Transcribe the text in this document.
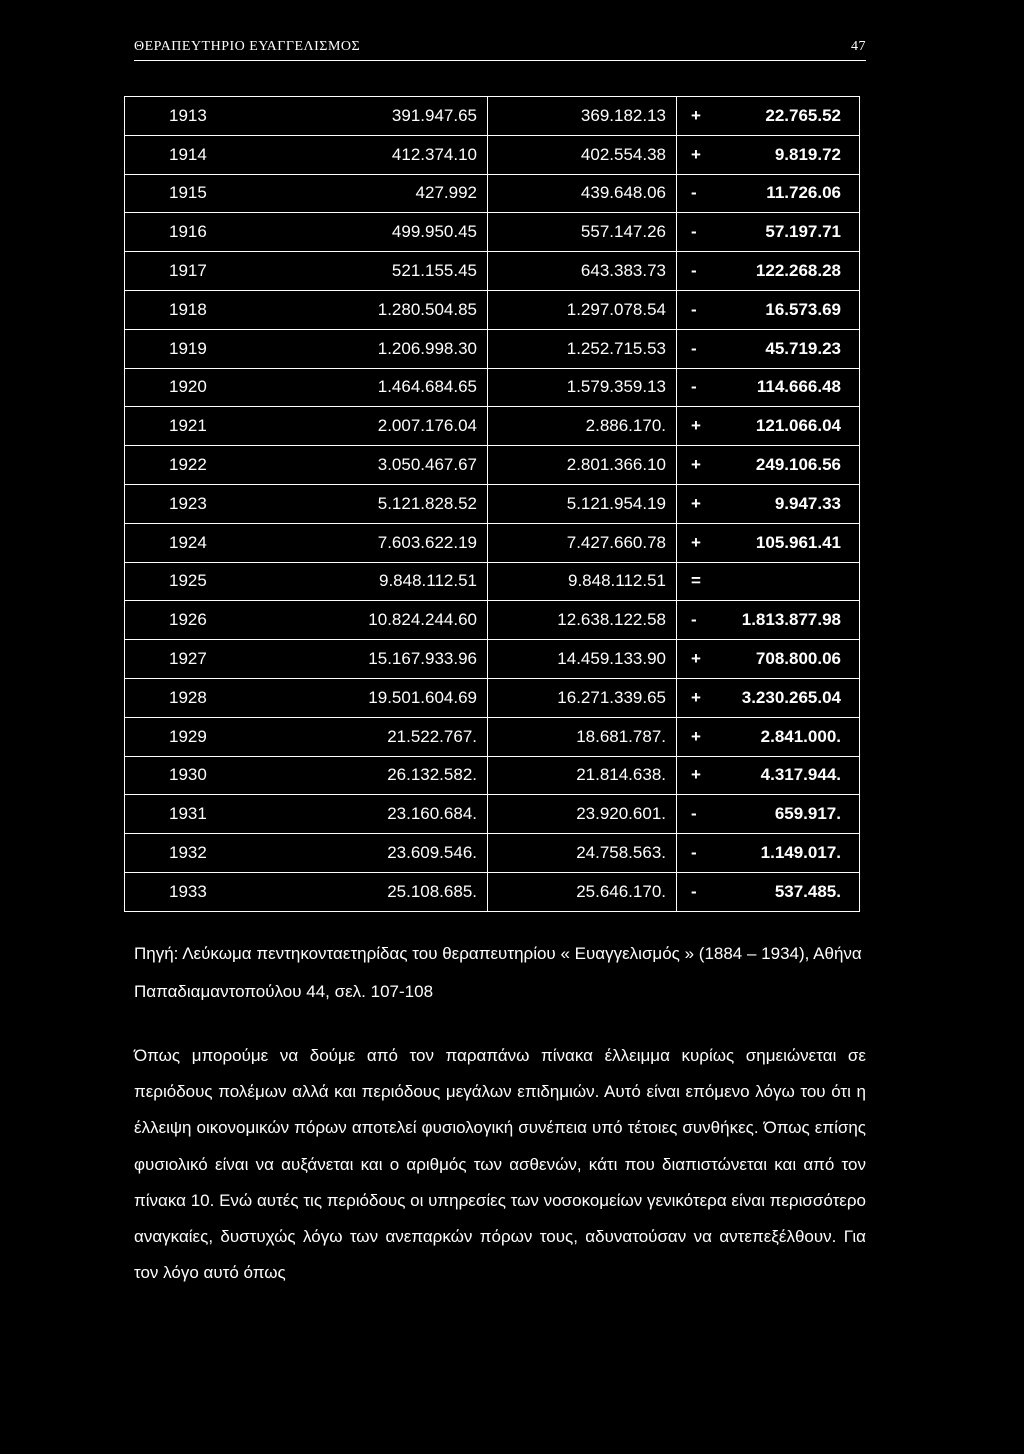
ΘΕΡΑΠΕΥΤΗΡΙΟ ΕΥΑΓΓΕΛΙΣΜΟΣ	47
1913	391.947.65	369.182.13	+	22.765.52
1914	412.374.10	402.554.38	+	9.819.72
1915	427.992	439.648.06	-	11.726.06
1916	499.950.45	557.147.26	-	57.197.71
1917	521.155.45	643.383.73	-	122.268.28
1918	1.280.504.85	1.297.078.54	-	16.573.69
1919	1.206.998.30	1.252.715.53	-	45.719.23
1920	1.464.684.65	1.579.359.13	-	114.666.48
1921	2.007.176.04	2.886.170.	+	121.066.04
1922	3.050.467.67	2.801.366.10	+	249.106.56
1923	5.121.828.52	5.121.954.19	+	9.947.33
1924	7.603.622.19	7.427.660.78	+	105.961.41
1925	9.848.112.51	9.848.112.51	=	
1926	10.824.244.60	12.638.122.58	-	1.813.877.98
1927	15.167.933.96	14.459.133.90	+	708.800.06
1928	19.501.604.69	16.271.339.65	+	3.230.265.04
1929	21.522.767.	18.681.787.	+	2.841.000.
1930	26.132.582.	21.814.638.	+	4.317.944.
1931	23.160.684.	23.920.601.	-	659.917.
1932	23.609.546.	24.758.563.	-	1.149.017.
1933	25.108.685.	25.646.170.	-	537.485.
Πηγή: Λεύκωμα πεντηκονταετηρίδας του θεραπευτηρίου « Ευαγγελισμός » (1884 – 1934), Αθήνα Παπαδιαμαντοπούλου 44, σελ. 107-108
Όπως μπορούμε να δούμε από τον παραπάνω πίνακα έλλειμμα κυρίως σημειώνεται σε περιόδους πολέμων αλλά και περιόδους μεγάλων επιδημιών. Αυτό είναι επόμενο λόγω του ότι η έλλειψη οικονομικών πόρων αποτελεί φυσιολογική συνέπεια υπό τέτοιες συνθήκες. Όπως επίσης φυσιολικό είναι να αυξάνεται και ο αριθμός των ασθενών, κάτι που διαπιστώνεται και από τον πίνακα 10. Ενώ αυτές τις περιόδους οι υπηρεσίες των νοσοκομείων γενικότερα είναι περισσότερο αναγκαίες, δυστυχώς λόγω των ανεπαρκών πόρων τους, αδυνατούσαν να αντεπεξέλθουν. Για τον λόγο αυτό όπως
